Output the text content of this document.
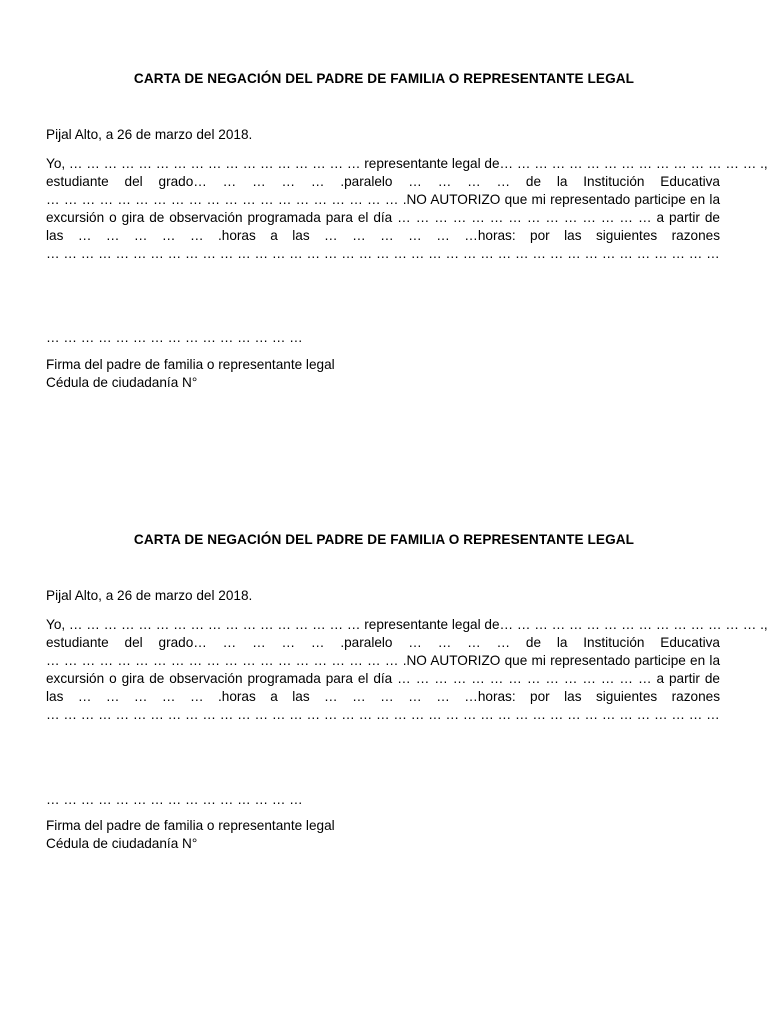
CARTA DE NEGACIÓN DEL PADRE DE FAMILIA O REPRESENTANTE LEGAL
Pijal Alto, a 26 de marzo del 2018.
Yo, … … … … … … … … … … … … … … … … … representante legal de… … … … … … … … … … … … … … … .,
estudiante del grado… … … … … .paralelo … … … … de la Institución Educativa
… … … … … … … … … … … … … … … … … … … … .NO AUTORIZO que mi representado participe en la
excursión o gira de observación programada para el día … … … … … … … … … … … … … … a partir de
las … … … … … .horas a las … … … … … …horas: por las siguientes razones
… … … … … … … … … … … … … … … … … … … … … … … … … … … … … … … … … … … … … … …
… … … … … … … … … … … … … … …
Firma del padre de familia o representante legal
Cédula de ciudadanía N°
CARTA DE NEGACIÓN DEL PADRE DE FAMILIA O REPRESENTANTE LEGAL
Pijal Alto, a 26 de marzo del 2018.
Yo, … … … … … … … … … … … … … … … … … representante legal de… … … … … … … … … … … … … … … .,
estudiante del grado… … … … … .paralelo … … … … de la Institución Educativa
… … … … … … … … … … … … … … … … … … … … .NO AUTORIZO que mi representado participe en la
excursión o gira de observación programada para el día … … … … … … … … … … … … … … a partir de
las … … … … … .horas a las … … … … … …horas: por las siguientes razones
… … … … … … … … … … … … … … … … … … … … … … … … … … … … … … … … … … … … … … …
… … … … … … … … … … … … … … …
Firma del padre de familia o representante legal
Cédula de ciudadanía N°
